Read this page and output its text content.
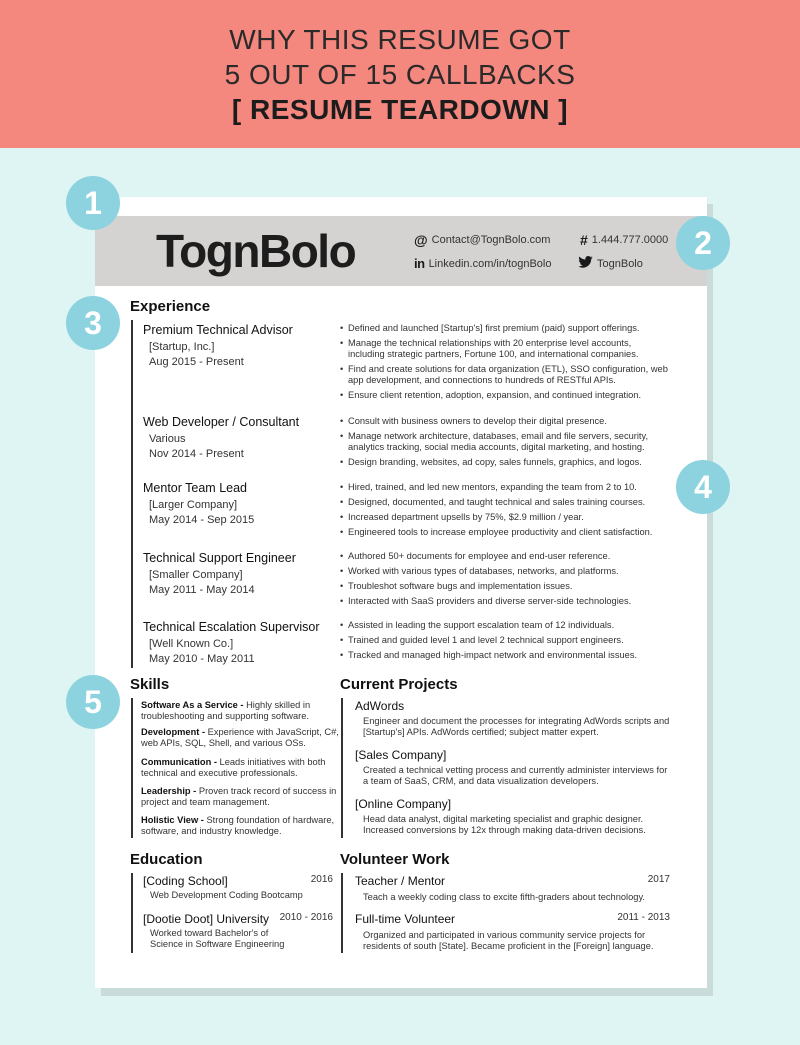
WHY THIS RESUME GOT
5 OUT OF 15 CALLBACKS
[ RESUME TEARDOWN ]
TognBolo	@ Contact@TognBolo.com # 1.444.777.0000
in Linkedin.com/in/tognBolo	TognBolo
1
2
3
4
5
Experience
Premium Technical Advisor
[Startup, Inc.]
Aug 2015 - Present
• Defined and launched [Startup's] first premium (paid) support offerings.
• Manage the technical relationships with 20 enterprise level accounts, including strategic partners, Fortune 100, and international companies.
• Find and create solutions for data organization (ETL), SSO configuration, web app development, and connections to hundreds of RESTful APIs.
• Ensure client retention, adoption, expansion, and continued integration.
Web Developer / Consultant
Various
Nov 2014 - Present
• Consult with business owners to develop their digital presence.
• Manage network architecture, databases, email and file servers, security, analytics tracking, social media accounts, digital marketing, and hosting.
• Design branding, websites, ad copy, sales funnels, graphics, and logos.
Mentor Team Lead
[Larger Company]
May 2014 - Sep 2015
• Hired, trained, and led new mentors, expanding the team from 2 to 10.
• Designed, documented, and taught technical and sales training courses.
• Increased department upsells by 75%, $2.9 million / year.
• Engineered tools to increase employee productivity and client satisfaction.
Technical Support Engineer
[Smaller Company]
May 2011 - May 2014
• Authored 50+ documents for employee and end-user reference.
• Worked with various types of databases, networks, and platforms.
• Troubleshot software bugs and implementation issues.
• Interacted with SaaS providers and diverse server-side technologies.
Technical Escalation Supervisor
[Well Known Co.]
May 2010 - May 2011
• Assisted in leading the support escalation team of 12 individuals.
• Trained and guided level 1 and level 2 technical support engineers.
• Tracked and managed high-impact network and environmental issues.
Skills
Software As a Service - Highly skilled in troubleshooting and supporting software.
Development - Experience with JavaScript, C#, web APIs, SQL, Shell, and various OSs.
Communication - Leads initiatives with both technical and executive professionals.
Leadership - Proven track record of success in project and team management.
Holistic View - Strong foundation of hardware, software, and industry knowledge.
Current Projects
AdWords
Engineer and document the processes for integrating AdWords scripts and [Startup's] APIs. AdWords certified; subject matter expert.
[Sales Company]
Created a technical vetting process and currently administer interviews for a team of SaaS, CRM, and data visualization developers.
[Online Company]
Head data analyst, digital marketing specialist and graphic designer. Increased conversions by 12x through making data-driven decisions.
Education
[Coding School]	2016
Web Development Coding Bootcamp
[Dootie Doot] University 2010 - 2016
Worked toward Bachelor's of Science in Software Engineering
Volunteer Work
Teacher / Mentor	2017
Teach a weekly coding class to excite fifth-graders about technology.
Full-time Volunteer	2011 - 2013
Organized and participated in various community service projects for residents of south [State]. Became proficient in the [Foreign] language.
